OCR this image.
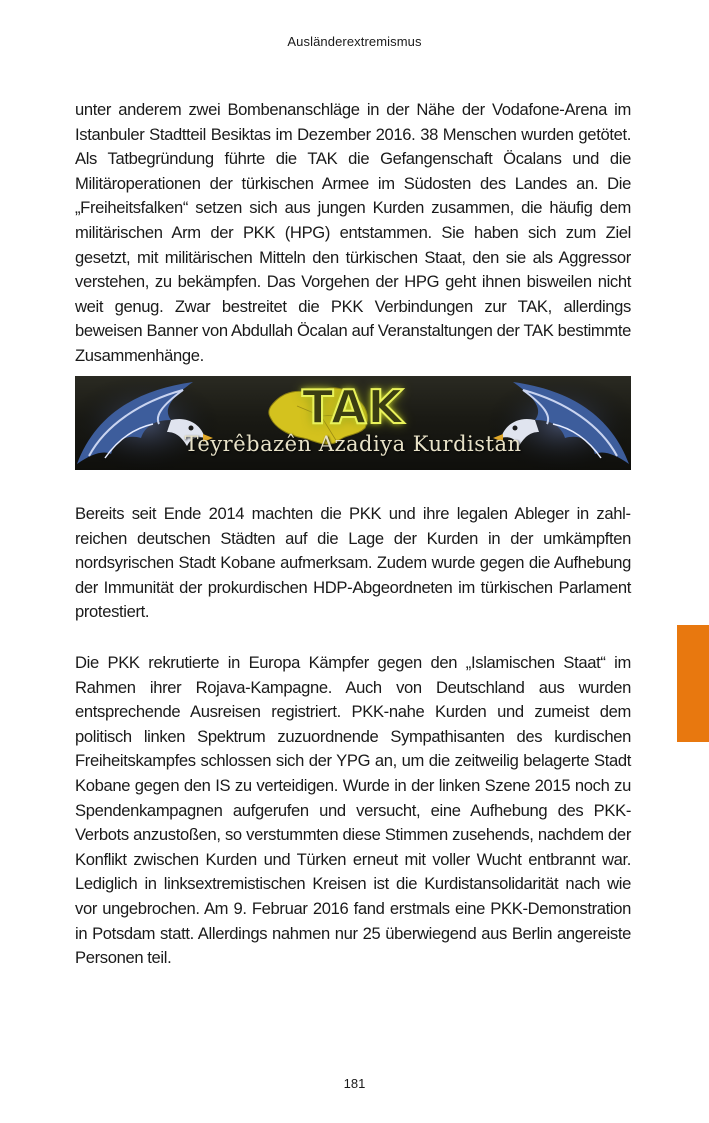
Ausländerextremismus

unter anderem zwei Bombenanschläge in der Nähe der Vodafone-Arena im Istanbuler Stadtteil Besiktas im Dezember 2016. 38 Menschen wurden getötet. Als Tatbegründung führte die TAK die Gefangenschaft Öcalans und die Militäroperationen der türkischen Armee im Südosten des Landes an. Die „Freiheitsfalken“ setzen sich aus jungen Kurden zusammen, die häufig dem militärischen Arm der PKK (HPG) entstammen. Sie haben sich zum Ziel gesetzt, mit militärischen Mitteln den türkischen Staat, den sie als Aggressor verstehen, zu bekämpfen. Das Vorgehen der HPG geht ihnen bisweilen nicht weit genug. Zwar bestreitet die PKK Verbindungen zur TAK, allerdings beweisen Banner von Abdullah Öcalan auf Veranstaltungen der TAK bestimmte Zusammenhänge.

TAK
Teyrêbazên Azadiya Kurdistan

Bereits seit Ende 2014 machten die PKK und ihre legalen Ableger in zahlreichen deutschen Städten auf die Lage der Kurden in der umkämpften nordsyrischen Stadt Kobane aufmerksam. Zudem wurde gegen die Aufhebung der Immunität der prokurdischen HDP-Abgeordneten im türkischen Parlament protestiert.

Die PKK rekrutierte in Europa Kämpfer gegen den „Islamischen Staat“ im Rahmen ihrer Rojava-Kampagne. Auch von Deutschland aus wurden entsprechende Ausreisen registriert. PKK-nahe Kurden und zumeist dem politisch linken Spektrum zuzuordnende Sympathisanten des kurdischen Freiheitskampfes schlossen sich der YPG an, um die zeitweilig belagerte Stadt Kobane gegen den IS zu verteidigen. Wurde in der linken Szene 2015 noch zu Spendenkampagnen aufgerufen und versucht, eine Aufhebung des PKK-Verbots anzustoßen, so verstummten diese Stimmen zusehends, nachdem der Konflikt zwischen Kurden und Türken erneut mit voller Wucht entbrannt war. Lediglich in linksextremistischen Kreisen ist die Kurdistansolidarität nach wie vor ungebrochen. Am 9. Februar 2016 fand erstmals eine PKK-Demonstration in Potsdam statt. Allerdings nahmen nur 25 überwiegend aus Berlin angereiste Personen teil.

181
